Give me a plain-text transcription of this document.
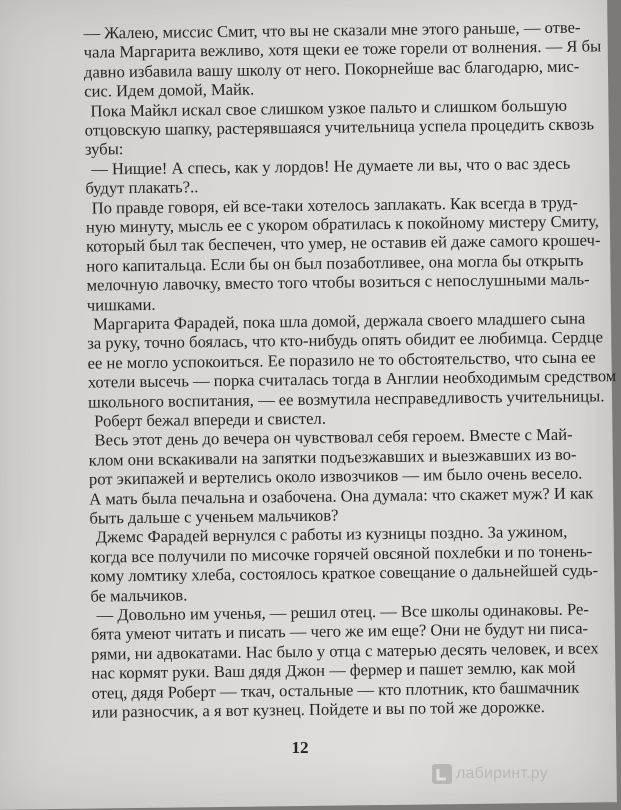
— Жалею, миссис Смит, что вы не сказали мне этого раньше, — отве-
чала Маргарита вежливо, хотя щеки ее тоже горели от волнения. — Я бы
давно избавила вашу школу от него. Покорнейше вас благодарю, мис-
сис. Идем домой, Майк.
Пока Майкл искал свое слишком узкое пальто и слишком большую
отцовскую шапку, растерявшаяся учительница успела процедить сквозь
зубы:
— Нищие! А спесь, как у лордов! Не думаете ли вы, что о вас здесь
будут плакать?..
По правде говоря, ей все-таки хотелось заплакать. Как всегда в труд-
ную минуту, мысль ее с укором обратилась к покойному мистеру Смиту,
который был так беспечен, что умер, не оставив ей даже самого крошеч-
ного капитальца. Если бы он был позаботливее, она могла бы открыть
мелочную лавочку, вместо того чтобы возиться с непослушными маль-
чишками.
Маргарита Фарадей, пока шла домой, держала своего младшего сына
за руку, точно боялась, что кто-нибудь опять обидит ее любимца. Сердце
ее не могло успокоиться. Ее поразило не то обстоятельство, что сына ее
хотели высечь — порка считалась тогда в Англии необходимым средством
школьного воспитания, — ее возмутила несправедливость учительницы.
Роберт бежал впереди и свистел.
Весь этот день до вечера он чувствовал себя героем. Вместе с Май-
клом они вскакивали на запятки подъезжавших и выезжавших из во-
рот экипажей и вертелись около извозчиков — им было очень весело.
А мать была печальна и озабочена. Она думала: что скажет муж? И как
быть дальше с ученьем мальчиков?
Джемс Фарадей вернулся с работы из кузницы поздно. За ужином,
когда все получили по мисочке горячей овсяной похлебки и по тонень-
кому ломтику хлеба, состоялось краткое совещание о дальнейшей судь-
бе мальчиков.
— Довольно им ученья, — решил отец. — Все школы одинаковы. Ре-
бята умеют читать и писать — чего же им еще? Они не будут ни писа-
рями, ни адвокатами. Нас было у отца с матерью десять человек, и всех
нас кормят руки. Ваш дядя Джон — фермер и пашет землю, как мой
отец, дядя Роберт — ткач, остальные — кто плотник, кто башмачник
или разносчик, а я вот кузнец. Пойдете и вы по той же дорожке.
12
лабиринт.ру
